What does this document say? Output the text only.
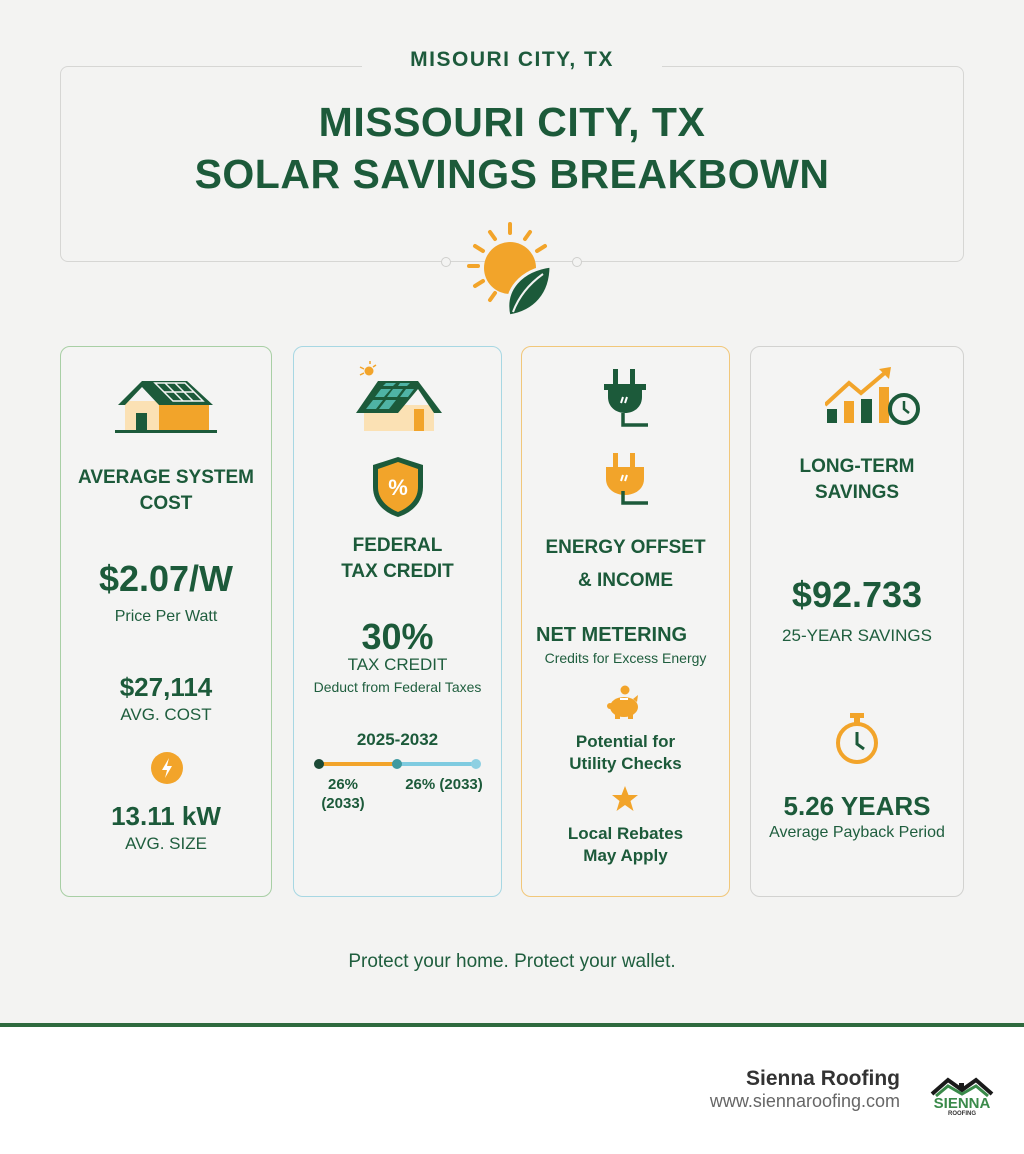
MISOURI CITY, TX
MISSOURI CITY, TX
SOLAR SAVINGS BREAKBOWN
AVERAGE SYSTEM
COST
$2.07/W
Price Per Watt
$27,114
AVG. COST
13.11 kW
AVG. SIZE
%
FEDERAL
TAX CREDIT
30%
TAX CREDIT
Deduct from Federal Taxes
2025-2032
26%
(2033)
26% (2033)
ENERGY OFFSET
& INCOME
NET METERING
Credits for Excess Energy
Potential for
Utility Checks
Local Rebates
May Apply
LONG-TERM
SAVINGS
$92.733
25-YEAR SAVINGS
5.26 YEARS
Average Payback Period
Protect your home. Protect your wallet.
Sienna Roofing
www.siennaroofing.com SIENNA
ROOFING
